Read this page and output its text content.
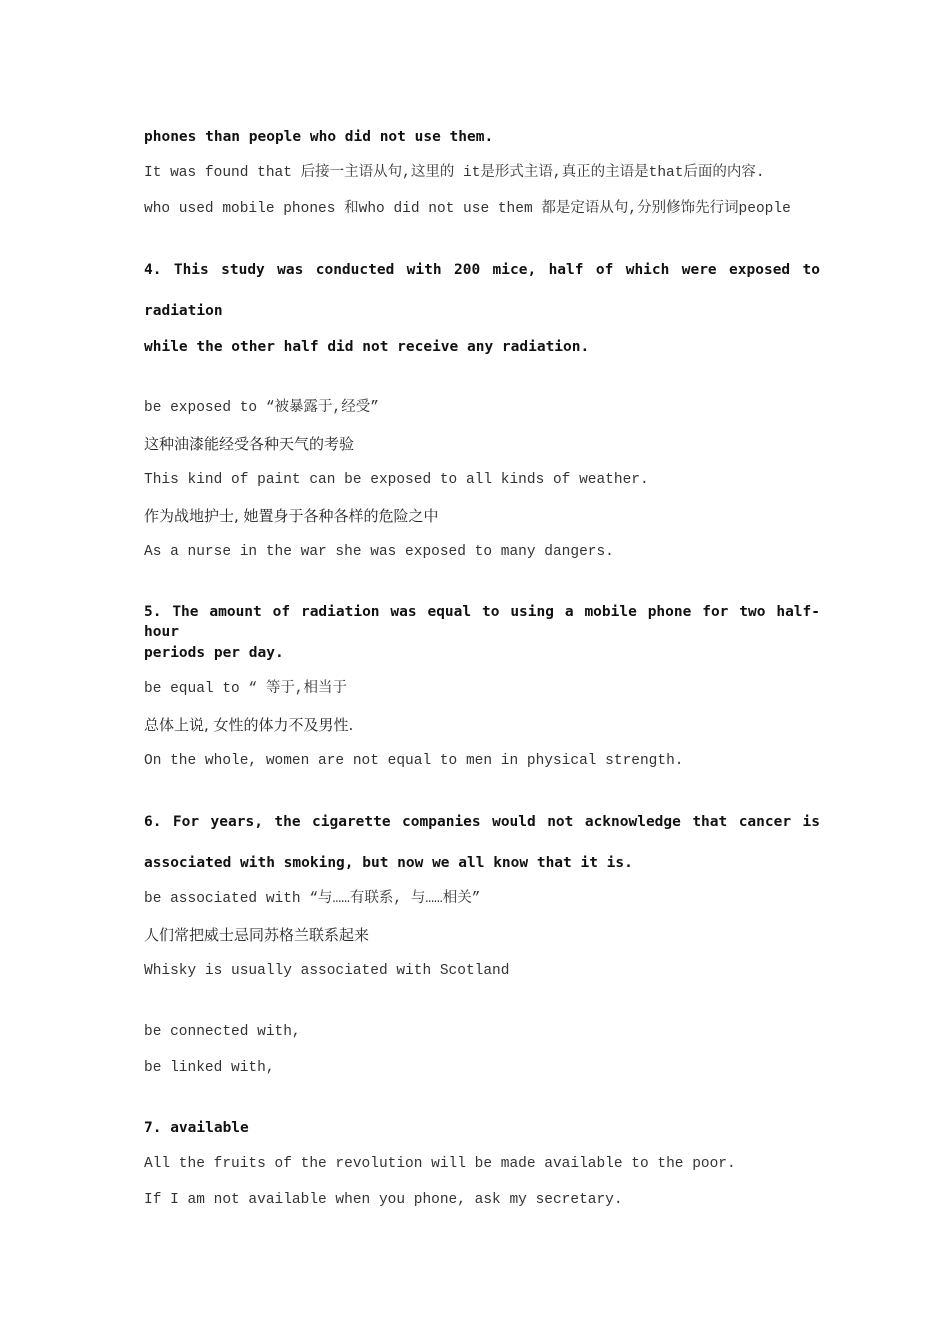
phones than people who did not use them.
It was found that 后接一主语从句,这里的 it是形式主语,真正的主语是that后面的内容.
who used mobile phones 和who did not use them 都是定语从句,分别修饰先行词people
4. This study was conducted with 200 mice, half of which were exposed to
radiation
while the other half did not receive any radiation.
be exposed to “被暴露于,经受”
这种油漆能经受各种天气的考验
This kind of paint can be exposed to all kinds of weather.
作为战地护士, 她置身于各种各样的危险之中
As a nurse in the war she was exposed to many dangers.
5. The amount of radiation was equal to using a mobile phone for two half-hour
periods per day.
be equal to “ 等于,相当于
总体上说, 女性的体力不及男性.
On the whole, women are not equal to men in physical strength.
6. For years, the cigarette companies would not acknowledge that cancer is
associated with smoking, but now we all know that it is.
be associated with “与……有联系, 与……相关”
人们常把威士忌同苏格兰联系起来
Whisky is usually associated with Scotland
be connected with,
be linked with,
7. available
All the fruits of the revolution will be made available to the poor.
If I am not available when you phone, ask my secretary.
